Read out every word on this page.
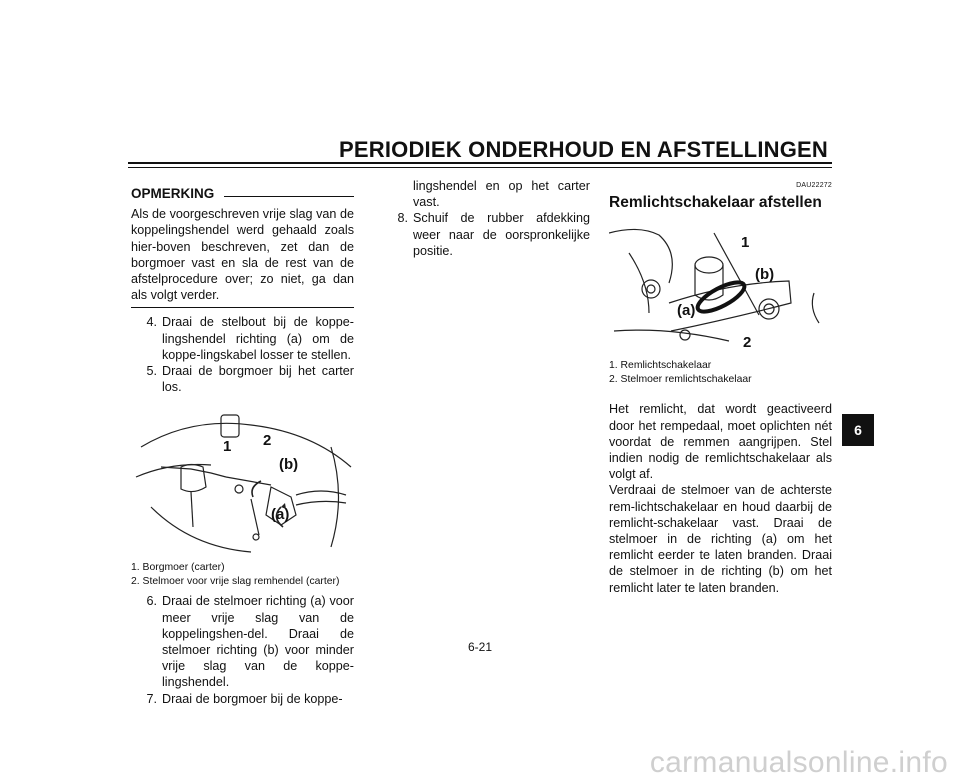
PERIODIEK ONDERHOUD EN AFSTELLINGEN
OPMERKING

Als de voorgeschreven vrije slag van de koppelingshendel werd gehaald zoals hier-boven beschreven, zet dan de borgmoer vast en sla de rest van de afstelprocedure over; zo niet, ga dan als volgt verder.

4. Draai de stelbout bij de koppe-lingshendel richting (a) om de koppe-lingskabel losser te stellen.
5. Draai de borgmoer bij het carter los.
1 2
(b)
(a)
1. Borgmoer (carter)
2. Stelmoer voor vrije slag remhendel (carter)
6. Draai de stelmoer richting (a) voor meer vrije slag van de koppelingshen-del. Draai de stelmoer richting (b) voor minder vrije slag van de koppe-lingshendel.
7. Draai de borgmoer bij de koppe-
lingshendel en op het carter vast.
8. Schuif de rubber afdekking weer naar de oorspronkelijke positie.
DAU22272
Remlichtschakelaar afstellen
1
(b)
(a)
2
1. Remlichtschakelaar
2. Stelmoer remlichtschakelaar

Het remlicht, dat wordt geactiveerd door het rempedaal, moet oplichten nét voordat de remmen aangrijpen. Stel indien nodig de remlichtschakelaar als volgt af.

Verdraai de stelmoer van de achterste rem-lichtschakelaar en houd daarbij de remlicht-schakelaar vast. Draai de stelmoer in de richting (a) om het remlicht eerder te laten branden. Draai de stelmoer in de richting (b) om het remlicht later te laten branden.

6
6-21
carmanualsonline.info
